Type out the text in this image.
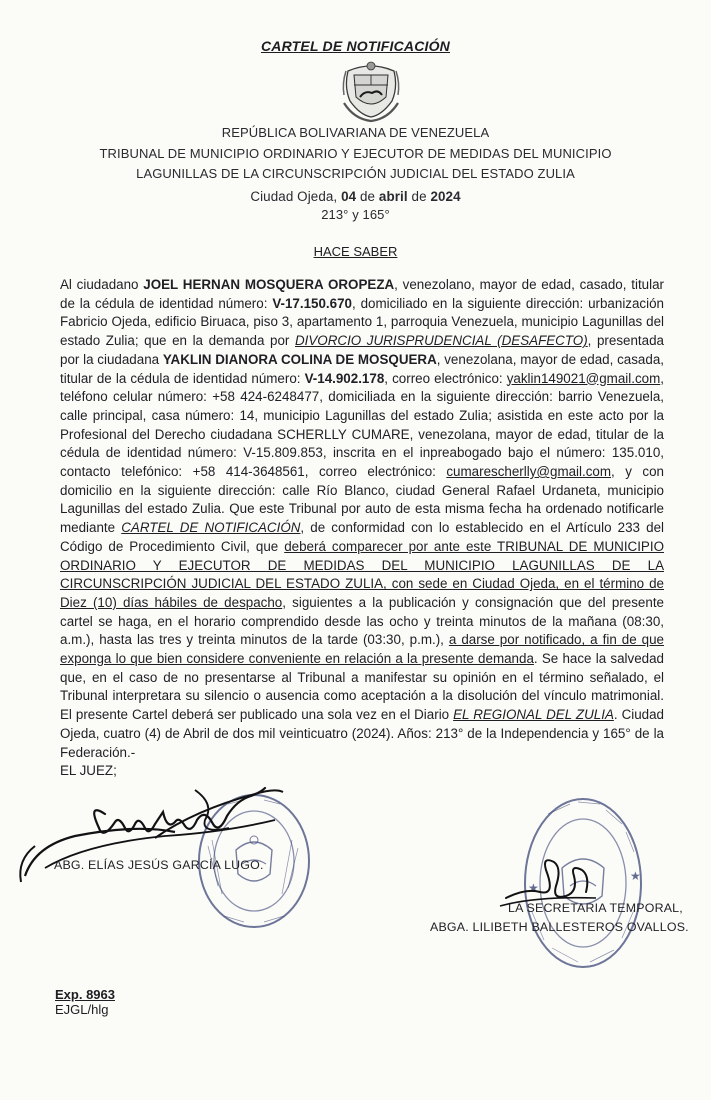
CARTEL DE NOTIFICACIÓN
REPÚBLICA BOLIVARIANA DE VENEZUELA
TRIBUNAL DE MUNICIPIO ORDINARIO Y EJECUTOR DE MEDIDAS DEL MUNICIPIO
LAGUNILLAS DE LA CIRCUNSCRIPCIÓN JUDICIAL DEL ESTADO ZULIA
Ciudad Ojeda, 04 de abril de 2024
213° y 165°
HACE SABER

Al ciudadano JOEL HERNAN MOSQUERA OROPEZA, venezolano, mayor de edad, casado, titular de la cédula de identidad número: V-17.150.670, domiciliado en la siguiente dirección: urbanización Fabricio Ojeda, edificio Biruaca, piso 3, apartamento 1, parroquia Venezuela, municipio Lagunillas del estado Zulia; que en la demanda por DIVORCIO JURISPRUDENCIAL (DESAFECTO), presentada por la ciudadana YAKLIN DIANORA COLINA DE MOSQUERA, venezolana, mayor de edad, casada, titular de la cédula de identidad número: V-14.902.178, correo electrónico: yaklin149021@gmail.com, teléfono celular número: +58 424-6248477, domiciliada en la siguiente dirección: barrio Venezuela, calle principal, casa número: 14, municipio Lagunillas del estado Zulia; asistida en este acto por la Profesional del Derecho ciudadana SCHERLLY CUMARE, venezolana, mayor de edad, titular de la cédula de identidad número: V-15.809.853, inscrita en el inpreabogado bajo el número: 135.010, contacto telefónico: +58 414-3648561, correo electrónico: cumarescherlly@gmail.com, y con domicilio en la siguiente dirección: calle Río Blanco, ciudad General Rafael Urdaneta, municipio Lagunillas del estado Zulia. Que este Tribunal por auto de esta misma fecha ha ordenado notificarle mediante CARTEL DE NOTIFICACIÓN, de conformidad con lo establecido en el Artículo 233 del Código de Procedimiento Civil, que deberá comparecer por ante este TRIBUNAL DE MUNICIPIO ORDINARIO Y EJECUTOR DE MEDIDAS DEL MUNICIPIO LAGUNILLAS DE LA CIRCUNSCRIPCIÓN JUDICIAL DEL ESTADO ZULIA, con sede en Ciudad Ojeda, en el término de Diez (10) días hábiles de despacho, siguientes a la publicación y consignación que del presente cartel se haga, en el horario comprendido desde las ocho y treinta minutos de la mañana (08:30, a.m.), hasta las tres y treinta minutos de la tarde (03:30, p.m.), a darse por notificado, a fin de que exponga lo que bien considere conveniente en relación a la presente demanda. Se hace la salvedad que, en el caso de no presentarse al Tribunal a manifestar su opinión en el término señalado, el Tribunal interpretara su silencio o ausencia como aceptación a la disolución del vínculo matrimonial. El presente Cartel deberá ser publicado una sola vez en el Diario EL REGIONAL DEL ZULIA. Ciudad Ojeda, cuatro (4) de Abril de dos mil veinticuatro (2024). Años: 213° de la Independencia y 165° de la Federación.-

EL JUEZ;

★
★
ABG. ELÍAS JESÚS GARCÍA LUGO.
LA SECRETARIA TEMPORAL,
ABGA. LILIBETH BALLESTEROS OVALLOS.
Exp. 8963
EJGL/hlg
